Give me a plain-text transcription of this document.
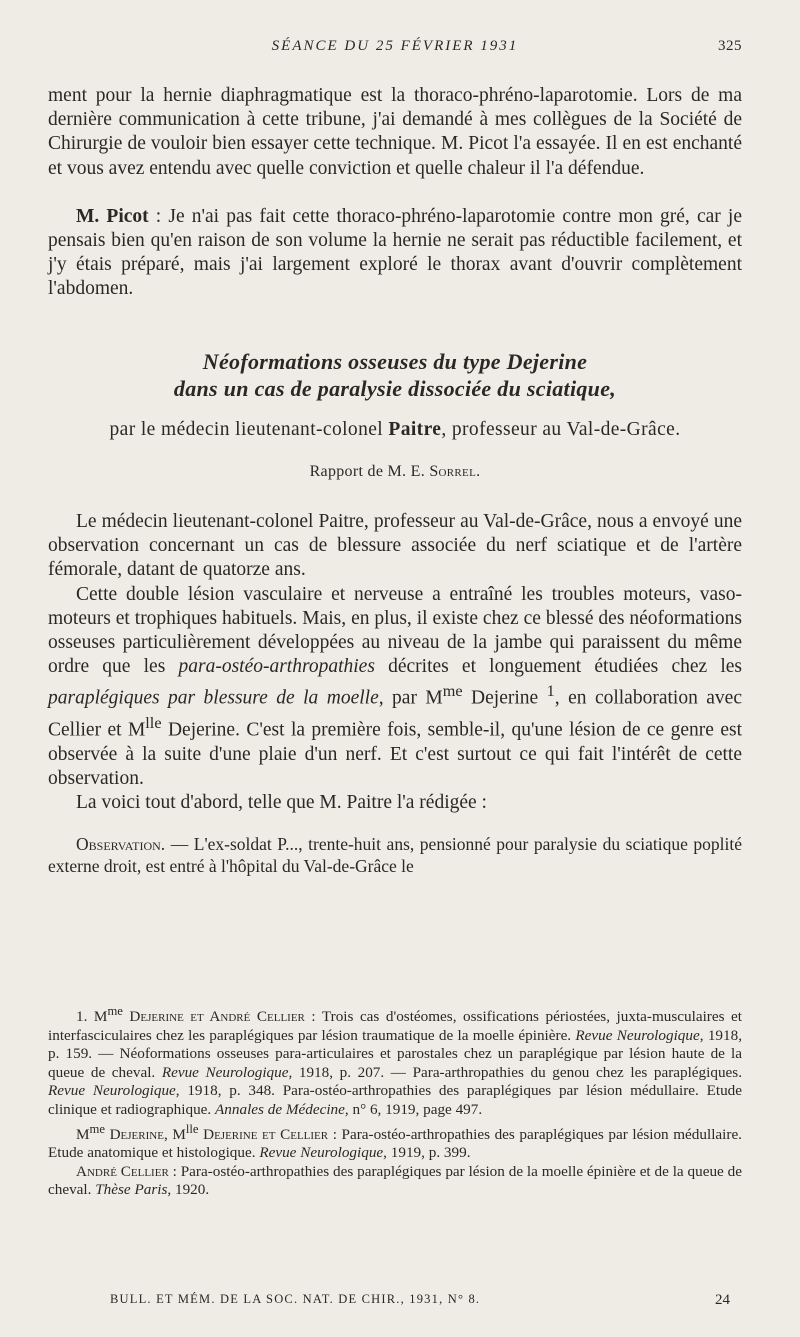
SÉANCE DU 25 FÉVRIER 1931	325

ment pour la hernie diaphragmatique est la thoraco-phréno-laparotomie. Lors de ma dernière communication à cette tribune, j'ai demandé à mes collègues de la Société de Chirurgie de vouloir bien essayer cette technique. M. Picot l'a essayée. Il en est enchanté et vous avez entendu avec quelle conviction et quelle chaleur il l'a défendue.

M. Picot : Je n'ai pas fait cette thoraco-phréno-laparotomie contre mon gré, car je pensais bien qu'en raison de son volume la hernie ne serait pas réductible facilement, et j'y étais préparé, mais j'ai largement exploré le thorax avant d'ouvrir complètement l'abdomen.

Néoformations osseuses du type Dejerine
dans un cas de paralysie dissociée du sciatique,

par le médecin lieutenant-colonel Paitre, professeur au Val-de-Grâce.

Rapport de M. E. Sorrel.

Le médecin lieutenant-colonel Paitre, professeur au Val-de-Grâce, nous a envoyé une observation concernant un cas de blessure associée du nerf sciatique et de l'artère fémorale, datant de quatorze ans.

Cette double lésion vasculaire et nerveuse a entraîné les troubles moteurs, vaso-moteurs et trophiques habituels. Mais, en plus, il existe chez ce blessé des néoformations osseuses particulièrement développées au niveau de la jambe qui paraissent du même ordre que les para-ostéo-arthropathies décrites et longuement étudiées chez les paraplégiques par blessure de la moelle, par $M^{me}$ Dejerine $^1$, en collaboration avec Cellier et $M^{lle}$ Dejerine. C'est la première fois, semble-il, qu'une lésion de ce genre est observée à la suite d'une plaie d'un nerf. Et c'est surtout ce qui fait l'intérêt de cette observation.

La voici tout d'abord, telle que M. Paitre l'a rédigée :

Observation. — L'ex-soldat P..., trente-huit ans, pensionné pour paralysie du sciatique poplité externe droit, est entré à l'hôpital du Val-de-Grâce le

1. $M^{me}$ Dejerine et André Cellier : Trois cas d'ostéomes, ossifications périostées, juxta-musculaires et interfasciculaires chez les paraplégiques par lésion traumatique de la moelle épinière. Revue Neurologique, 1918, p. 159. — Néoformations osseuses para-articulaires et parostales chez un paraplégique par lésion haute de la queue de cheval. Revue Neurologique, 1918, p. 207. — Para-arthropathies du genou chez les paraplégiques. Revue Neurologique, 1918, p. 348. Para-ostéo-arthropathies des paraplégiques par lésion médullaire. Etude clinique et radiographique. Annales de Médecine, n° 6, 1919, page 497.

$M^{me}$ Dejerine, $M^{lle}$ Dejerine et Cellier : Para-ostéo-arthropathies des paraplégiques par lésion médullaire. Etude anatomique et histologique. Revue Neurologique, 1919, p. 399.

André Cellier : Para-ostéo-arthropathies des paraplégiques par lésion de la moelle épinière et de la queue de cheval. Thèse Paris, 1920.

BULL. ET MÉM. DE LA SOC. NAT. DE CHIR., 1931, N° 8.	24
